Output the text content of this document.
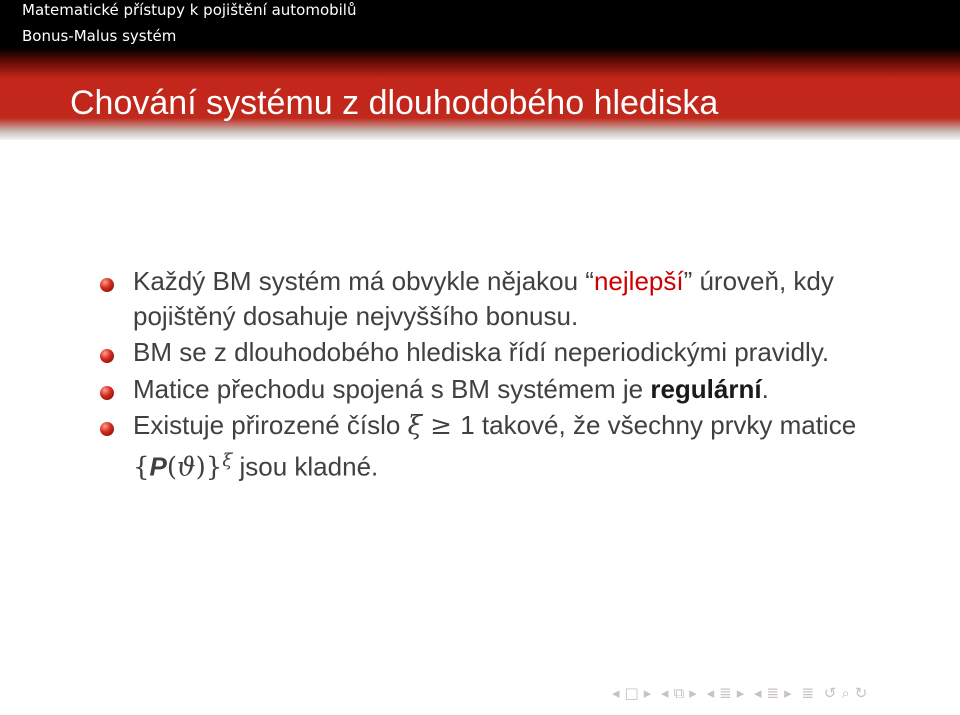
Matematické přístupy k pojištění automobilů
Bonus-Malus systém
Chování systému z dlouhodobého hlediska
Každý BM systém má obvykle nějakou “nejlepší” úroveň, kdy pojištěný dosahuje nejvyššího bonusu.
BM se z dlouhodobého hlediska řídí neperiodickými pravidly.
Matice přechodu spojená s BM systémem je regulární.
Existuje přirozené číslo ξ ≥ 1 takové, že všechny prvky matice $\{P(ϑ)\}^\xi$ jsou kladné.
◂ □ ▸ ◂ ⧉ ▸ ◂ ≣ ▸ ◂ ≣ ▸ ≣ ↺ ⌕ ↻
